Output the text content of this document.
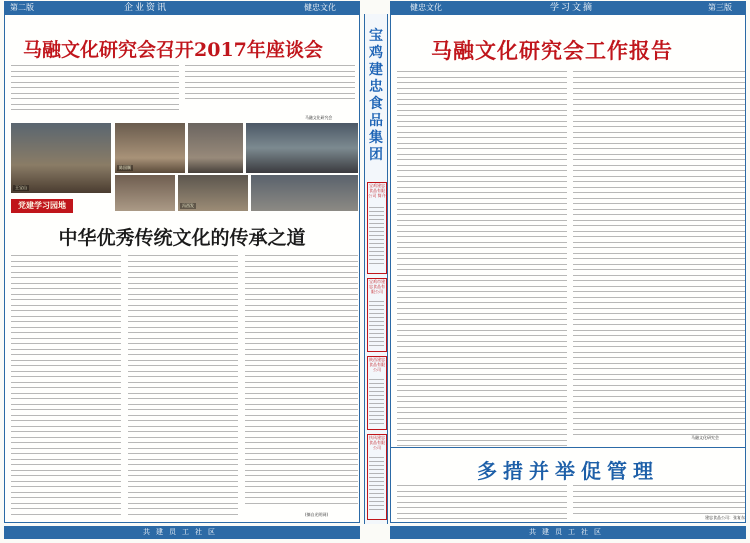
第二版	企业资讯	健忠文化
马融文化研究会召开2017年座谈会
马融文化研究会
王宝山
陈国顺
冯西发
党建学习园地
中华优秀传统文化的传承之道
(摘自光明网)
共建员工社区
宝鸡建忠食品集团
宝鸡建忠食品有限公司 简介
宝鸡市建忠食品有限公司
陕西建忠食品有限公司
扶风建忠食品有限公司
健忠文化	学习文摘	第三版
马融文化研究会工作报告
马融文化研究会
多措并举促管理
建忠食品公司：张复东
共建员工社区
